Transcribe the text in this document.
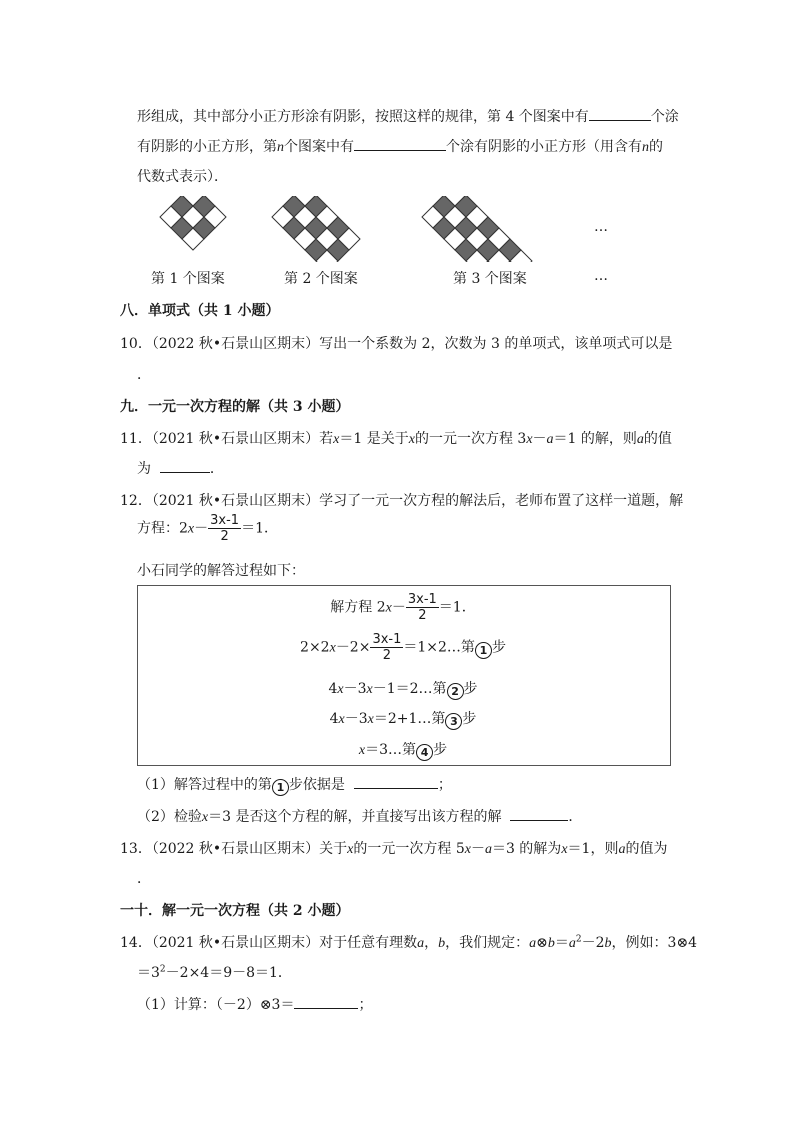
形组成，其中部分小正方形涂有阴影，按照这样的规律，第 4 个图案中有	个涂
有阴影的小正方形，第n个图案中有	个涂有阴影的小正方形（用含有n的
代数式表示）．
第 1 个图案	第 2 个图案	第 3 个图案
…
…
八．单项式（共 1 小题）
10．（2022 秋•石景山区期末）写出一个系数为 2，次数为 3 的单项式，该单项式可以是
．
九．一元一次方程的解（共 3 小题）
11．（2021 秋•石景山区期末）若x＝1 是关于x的一元一次方程 3x－a＝1 的解，则a的值
为	．
12．（2021 秋•石景山区期末）学习了一元一次方程的解法后，老师布置了这样一道题，解
方程：$2x- \frac{3x-1}{2} =1$．
小石同学的解答过程如下：
解方程 $2x- \frac{3x-1}{2} =1$．
$2\times 2x-2\times \frac{3x-1}{2}$ ＝1×2…第 1 步
4x－3x－1＝2…第 2 步
4x－3x＝2+1…第 3 步
x＝3…第 4 步
（1）解答过程中的第 1 步依据是	；
（2）检验x＝3 是否这个方程的解，并直接写出该方程的解	．
13．（2022 秋•石景山区期末）关于x的一元一次方程 5x－a＝3 的解为x＝1，则a的值为
．
一十．解一元一次方程（共 2 小题）
14．（2021 秋•石景山区期末）对于任意有理数a，b，我们规定：$a\otimes b=a^2-2b$，例如：3⊗4
$=3^2-2\times 4=9-8=1$．
（1）计算：（－2）⊗3＝	；
